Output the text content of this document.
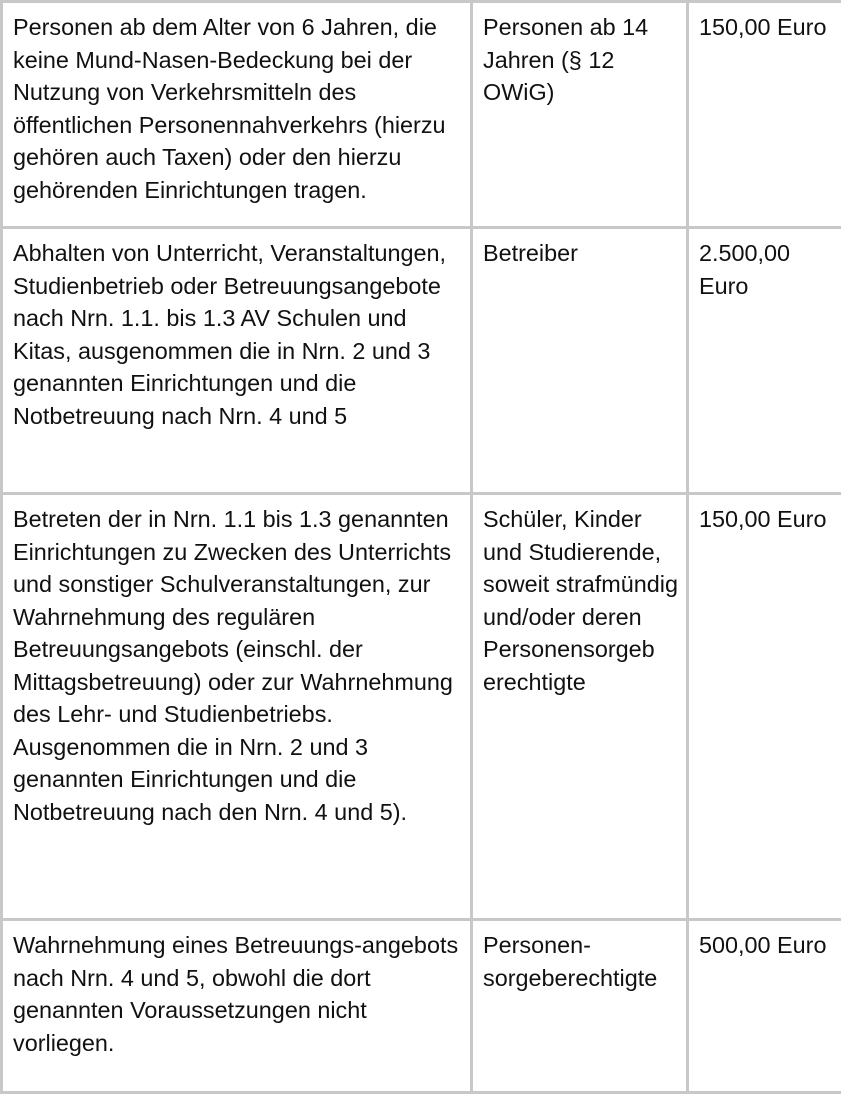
Personen ab dem Alter von 6 Jahren, die keine Mund-Nasen-Bedeckung bei der Nutzung von Verkehrsmitteln des öffentlichen Personennahverkehrs (hierzu gehören auch Taxen) oder den hierzu gehörenden Einrichtungen tragen.	Personen ab 14 Jahren (§ 12 OWiG)	150,00 Euro

Abhalten von Unterricht, Veranstaltungen, Studienbetrieb oder Betreuungsangebote nach Nrn. 1.1. bis 1.3 AV Schulen und Kitas, ausgenommen die in Nrn. 2 und 3 genannten Einrichtungen und die Notbetreuung nach Nrn. 4 und 5	Betreiber	2.500,00 Euro

Betreten der in Nrn. 1.1 bis 1.3 genannten Einrichtungen zu Zwecken des Unterrichts und sonstiger Schulveranstaltungen, zur Wahrnehmung des regulären Betreuungsangebots (einschl. der Mittagsbetreuung) oder zur Wahrnehmung des Lehr- und Studienbetriebs. Ausgenommen die in Nrn. 2 und 3 genannten Einrichtungen und die Notbetreuung nach den Nrn. 4 und 5).	Schüler, Kinder und Studierende, soweit strafmündig und/oder deren Personensorgeb erechtigte	150,00 Euro

Wahrnehmung eines Betreuungs-angebots nach Nrn. 4 und 5, obwohl die dort genannten Voraussetzungen nicht vorliegen.	Personen-sorgeberechtigte	500,00 Euro
